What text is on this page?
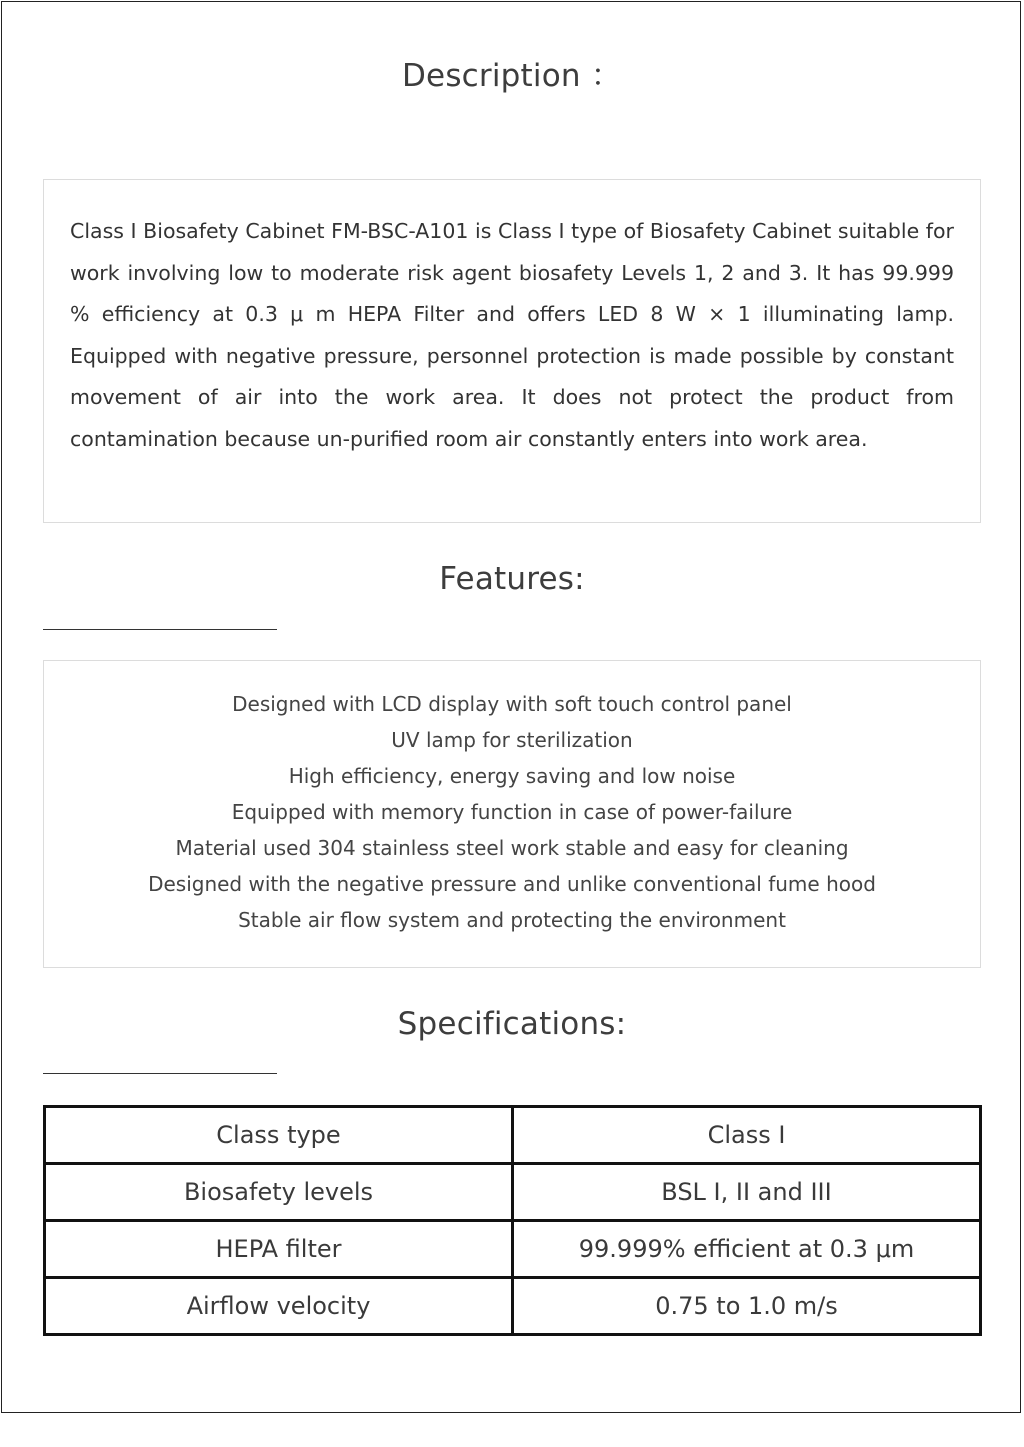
Description ：

Class I Biosafety Cabinet FM-BSC-A101 is Class I type of Biosafety Cabinet suitable for work involving low to moderate risk agent biosafety Levels 1, 2 and 3. It has 99.999 % efficiency at 0.3 μ m HEPA Filter and offers LED 8 W × 1 illuminating lamp. Equipped with negative pressure, personnel protection is made possible by constant movement of air into the work area. It does not protect the product from contamination because un-purified room air constantly enters into work area.

Features:
Designed with LCD display with soft touch control panel
UV lamp for sterilization
High efficiency, energy saving and low noise
Equipped with memory function in case of power-failure
Material used 304 stainless steel work stable and easy for cleaning
Designed with the negative pressure and unlike conventional fume hood
Stable air flow system and protecting the environment
Specifications:
Class type	Class I
Biosafety levels	BSL I, II and III
HEPA filter	99.999% efficient at 0.3 μm
Airflow velocity	0.75 to 1.0 m/s
